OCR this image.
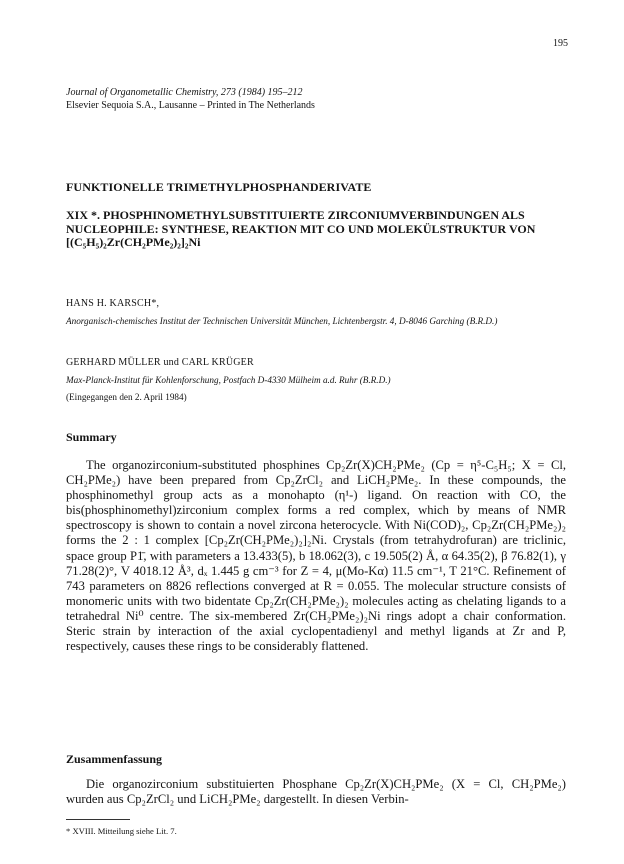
195
Journal of Organometallic Chemistry, 273 (1984) 195–212
Elsevier Sequoia S.A., Lausanne – Printed in The Netherlands
FUNKTIONELLE TRIMETHYLPHOSPHANDERIVATE
XIX *. PHOSPHINOMETHYLSUBSTITUIERTE ZIRCONIUMVERBINDUNGEN ALS NUCLEOPHILE: SYNTHESE, REAKTION MIT CO UND MOLEKÜLSTRUKTUR VON [(C₅H₅)₂Zr(CH₂PMe₂)₂]₂Ni
HANS H. KARSCH*,
Anorganisch-chemisches Institut der Technischen Universität München, Lichtenbergstr. 4, D-8046 Garching (B.R.D.)
GERHARD MÜLLER und CARL KRÜGER
Max-Planck-Institut für Kohlenforschung, Postfach D-4330 Mülheim a.d. Ruhr (B.R.D.)
(Eingegangen den 2. April 1984)
Summary
The organozirconium-substituted phosphines Cp₂Zr(X)CH₂PMe₂ (Cp = η⁵-C₅H₅; X = Cl, CH₂PMe₂) have been prepared from Cp₂ZrCl₂ and LiCH₂PMe₂. In these compounds, the phosphinomethyl group acts as a monohapto (η¹-) ligand. On reaction with CO, the bis(phosphinomethyl)zirconium complex forms a red complex, which by means of NMR spectroscopy is shown to contain a novel zircona heterocycle. With Ni(COD)₂, Cp₂Zr(CH₂PMe₂)₂ forms the 2 : 1 complex [Cp₂Zr(CH₂PMe₂)₂]₂Ni. Crystals (from tetrahydrofuran) are triclinic, space group P1̄, with parameters a 13.433(5), b 18.062(3), c 19.505(2) Å, α 64.35(2), β 76.82(1), γ 71.28(2)°, V 4018.12 Å³, dₓ 1.445 g cm⁻³ for Z = 4, μ(Mo-Kα) 11.5 cm⁻¹, T 21°C. Refinement of 743 parameters on 8826 reflections converged at R = 0.055. The molecular structure consists of monomeric units with two bidentate Cp₂Zr(CH₂PMe₂)₂ molecules acting as chelating ligands to a tetrahedral Ni⁰ centre. The six-membered Zr(CH₂PMe₂)₂Ni rings adopt a chair conformation. Steric strain by interaction of the axial cyclopentadienyl and methyl ligands at Zr and P, respectively, causes these rings to be considerably flattened.
Zusammenfassung
Die organozirconium substituierten Phosphane Cp₂Zr(X)CH₂PMe₂ (X = Cl, CH₂PMe₂) wurden aus Cp₂ZrCl₂ und LiCH₂PMe₂ dargestellt. In diesen Verbin-
* XVIII. Mitteilung siehe Lit. 7.
